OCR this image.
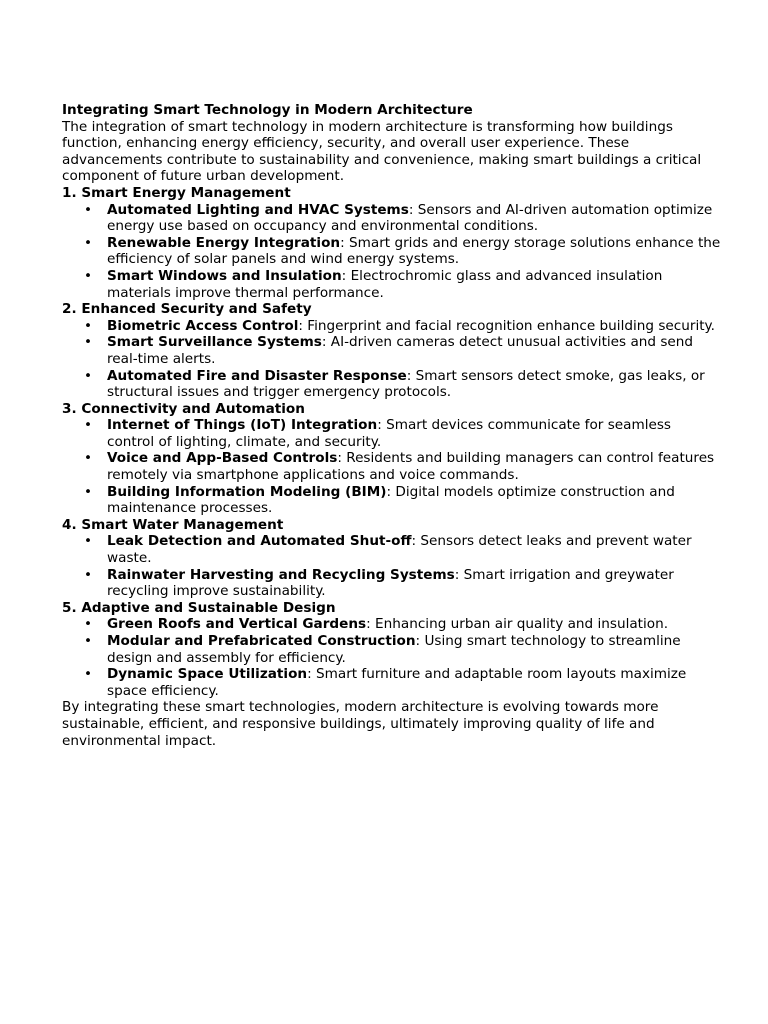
Integrating Smart Technology in Modern Architecture

The integration of smart technology in modern architecture is transforming how buildings function, enhancing energy efficiency, security, and overall user experience. These advancements contribute to sustainability and convenience, making smart buildings a critical component of future urban development.

1. Smart Energy Management

• Automated Lighting and HVAC Systems: Sensors and AI-driven automation optimize energy use based on occupancy and environmental conditions.
• Renewable Energy Integration: Smart grids and energy storage solutions enhance the efficiency of solar panels and wind energy systems.
• Smart Windows and Insulation: Electrochromic glass and advanced insulation materials improve thermal performance.

2. Enhanced Security and Safety

• Biometric Access Control: Fingerprint and facial recognition enhance building security.
• Smart Surveillance Systems: AI-driven cameras detect unusual activities and send real-time alerts.
• Automated Fire and Disaster Response: Smart sensors detect smoke, gas leaks, or structural issues and trigger emergency protocols.

3. Connectivity and Automation

• Internet of Things (IoT) Integration: Smart devices communicate for seamless control of lighting, climate, and security.
• Voice and App-Based Controls: Residents and building managers can control features remotely via smartphone applications and voice commands.
• Building Information Modeling (BIM): Digital models optimize construction and maintenance processes.

4. Smart Water Management

• Leak Detection and Automated Shut-off: Sensors detect leaks and prevent water waste.
• Rainwater Harvesting and Recycling Systems: Smart irrigation and greywater recycling improve sustainability.

5. Adaptive and Sustainable Design

• Green Roofs and Vertical Gardens: Enhancing urban air quality and insulation.
• Modular and Prefabricated Construction: Using smart technology to streamline design and assembly for efficiency.
• Dynamic Space Utilization: Smart furniture and adaptable room layouts maximize space efficiency.

By integrating these smart technologies, modern architecture is evolving towards more sustainable, efficient, and responsive buildings, ultimately improving quality of life and environmental impact.
